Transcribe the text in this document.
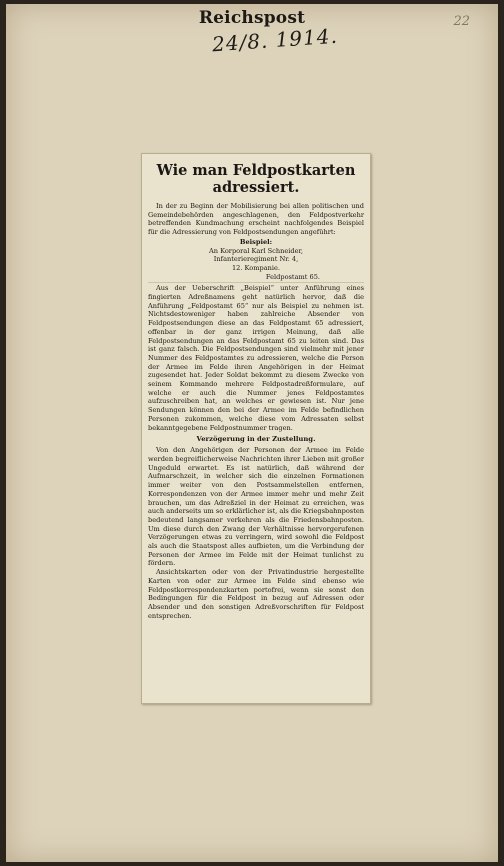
Reichspost
24/8. 1914.
22
Wie man Feldpostkarten adressiert.

In der zu Beginn der Mobilisierung bei allen politischen und Gemeindebehörden angeschlagenen, den Feldpostverkehr betreffenden Kundmachung erscheint nachfolgendes Beispiel für die Adressierung von Feldpostsendungen angeführt:

Beispiel:

An Korporal Karl Schneider,

Infanterieregiment Nr. 4,

12. Kompanie.

Feldpostamt 65.

Aus der Ueberschrift „Beispiel“ unter Anführung eines fingierten Adreßnamens geht natürlich hervor, daß die Anführung „Feldpostamt 65“ nur als Beispiel zu nehmen ist. Nichtsdestoweniger haben zahlreiche Absender von Feldpostsendungen diese an das Feldpostamt 65 adressiert, offenbar in der ganz irrigen Meinung, daß alle Feldpostsendungen an das Feldpostamt 65 zu leiten sind. Das ist ganz falsch. Die Feldpostsendungen sind vielmehr mit jener Nummer des Feldpostamtes zu adressieren, welche die Person der Armee im Felde ihren Angehörigen in der Heimat zugesendet hat. Jeder Soldat bekommt zu diesem Zwecke von seinem Kommando mehrere Feldpostadreßformulare, auf welche er auch die Nummer jenes Feldpostamtes aufzuschreiben hat, an welches er gewiesen ist. Nur jene Sendungen können den bei der Armee im Felde befindlichen Personen zukommen, welche diese vom Adressaten selbst bekanntgegebene Feldpostnummer tragen.

Verzögerung in der Zustellung.

Von den Angehörigen der Personen der Armee im Felde werden begreiflicherweise Nachrichten ihrer Lieben mit großer Ungeduld erwartet. Es ist natürlich, daß während der Aufmarschzeit, in welcher sich die einzelnen Formationen immer weiter von den Postsammelstellen entfernen, Korrespondenzen von der Armee immer mehr und mehr Zeit brauchen, um das Adreßziel in der Heimat zu erreichen, was auch anderseits um so erklärlicher ist, als die Kriegsbahnposten bedeutend langsamer verkehren als die Friedensbahnposten. Um diese durch den Zwang der Verhältnisse hervorgerufenen Verzögerungen etwas zu verringern, wird sowohl die Feldpost als auch die Staatspost alles aufbieten, um die Verbindung der Personen der Armee im Felde mit der Heimat tunlichst zu fördern.

Ansichtskarten oder von der Privatindustrie hergestellte Karten von oder zur Armee im Felde sind ebenso wie Feldpostkorrespondenzkarten portofrei, wenn sie sonst den Bedingungen für die Feldpost in bezug auf Adressen oder Absender und den sonstigen Adreßvorschriften für Feldpost entsprechen.
